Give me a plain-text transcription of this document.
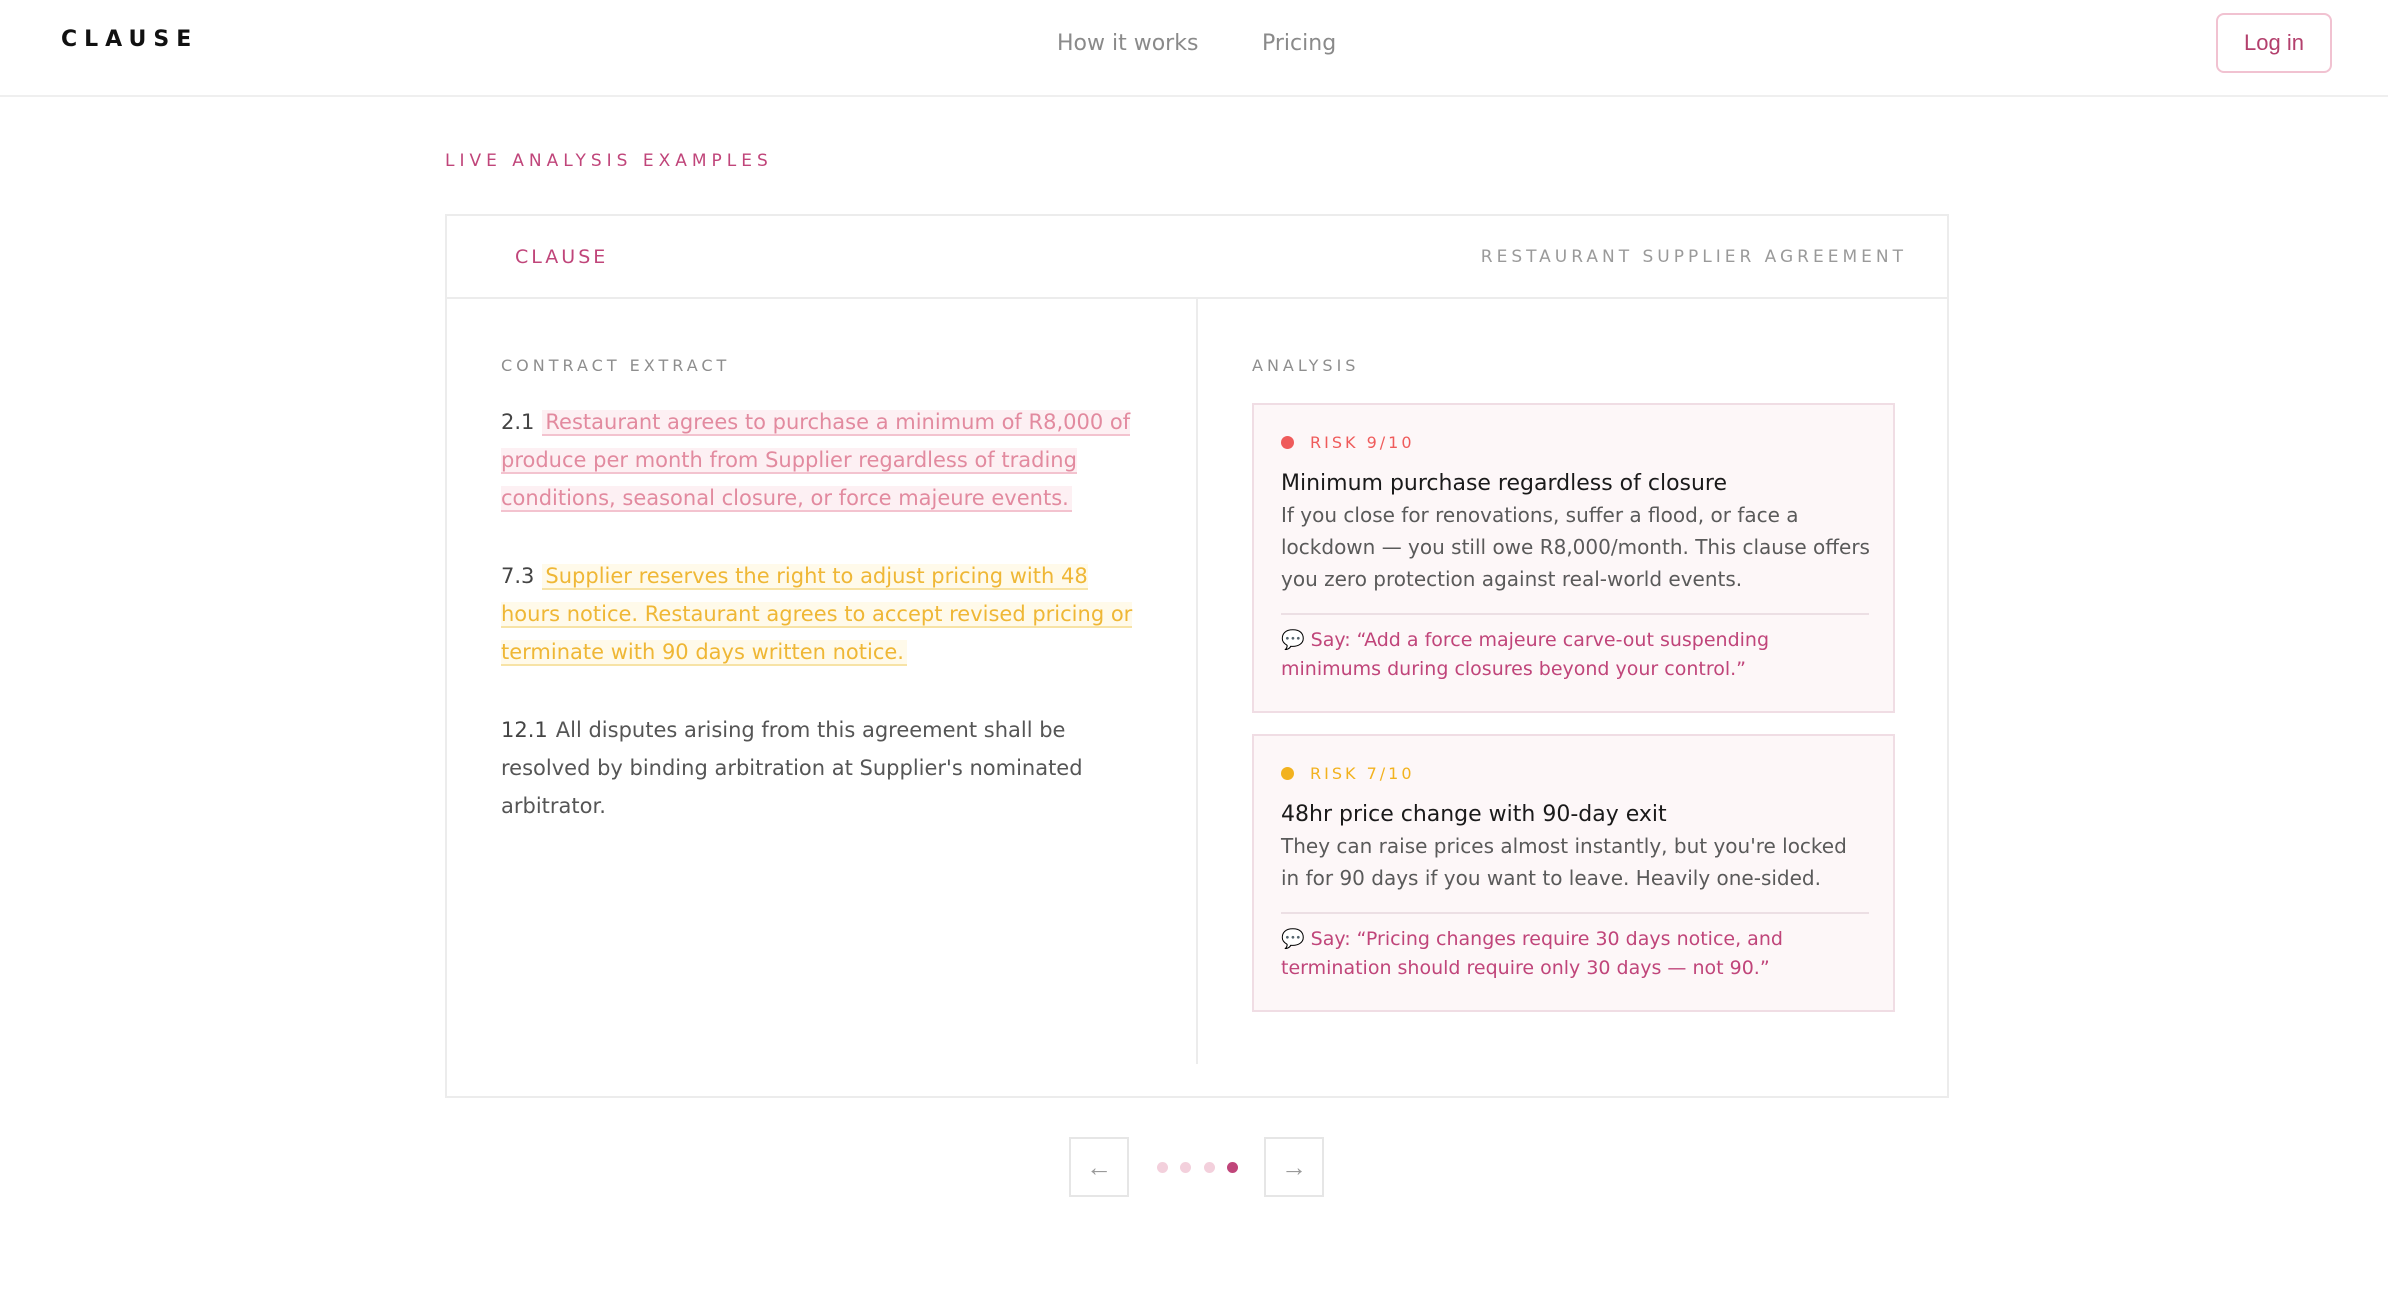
CLAUSE	How it works	Pricing	Log in
LIVE ANALYSIS EXAMPLES
CLAUSE	RESTAURANT SUPPLIER AGREEMENT
CONTRACT EXTRACT
2.1 Restaurant agrees to purchase a minimum of R8,000 of produce per month from Supplier regardless of trading conditions, seasonal closure, or force majeure events.
7.3 Supplier reserves the right to adjust pricing with 48 hours notice. Restaurant agrees to accept revised pricing or terminate with 90 days written notice.
12.1 All disputes arising from this agreement shall be resolved by binding arbitration at Supplier's nominated arbitrator.
ANALYSIS
RISK 9/10
Minimum purchase regardless of closure
If you close for renovations, suffer a flood, or face a lockdown — you still owe R8,000/month. This clause offers you zero protection against real-world events.
💬 Say: “Add a force majeure carve-out suspending minimums during closures beyond your control.”
RISK 7/10
48hr price change with 90-day exit
They can raise prices almost instantly, but you're locked in for 90 days if you want to leave. Heavily one-sided.
💬 Say: “Pricing changes require 30 days notice, and termination should require only 30 days — not 90.”
←	→
